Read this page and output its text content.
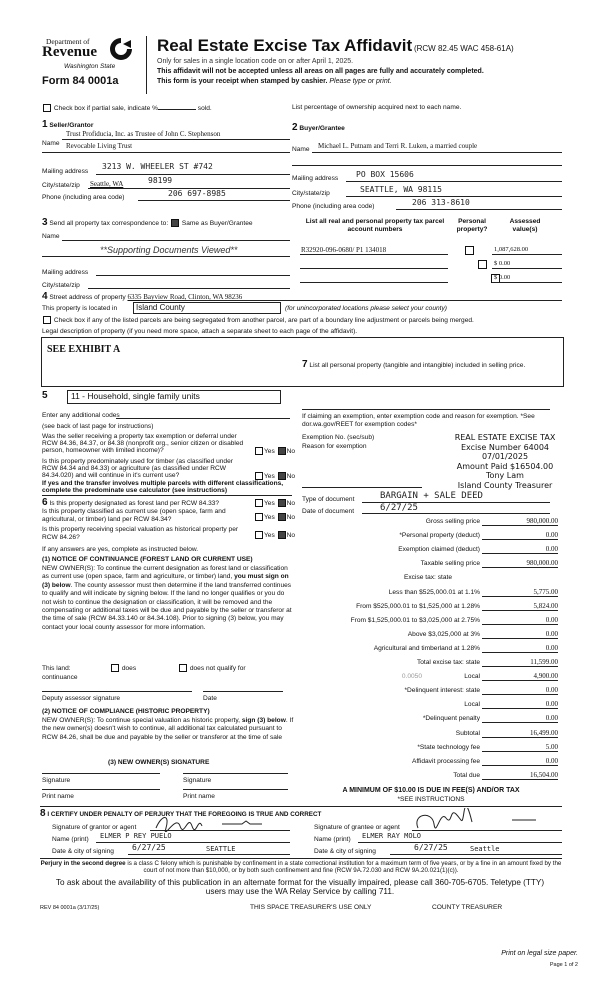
Department of
Revenue
Washington State
Form 84 0001a
Real Estate Excise Tax Affidavit (RCW 82.45 WAC 458-61A)
Only for sales in a single location code on or after April 1, 2025.
This affidavit will not be accepted unless all areas on all pages are fully and accurately completed.
This form is your receipt when stamped by cashier. Please type or print.
Check box if partial sale, indicate %	sold.	List percentage of ownership acquired next to each name.
1 Seller/Grantor
Name
Trust Profiducia, Inc. as Trustee of John C. Stephenson
Revocable Living Trust
Mailing address
3213 W. WHEELER ST #742
City/state/zip Seattle, WA	98199
Phone (including area code)	206 697-8985
2 Buyer/Grantee
Name Michael L. Putnam and Terri R. Luken, a married couple
Mailing address PO BOX 15606
City/state/zip	SEATTLE, WA 98115
Phone (including area code)	206 313-8610
3 Send all property tax correspondence to: Same as Buyer/Grantee
Name
**Supporting Documents Viewed**
Mailing address
City/state/zip
List all real and personal property tax parcel account numbers
Personal property?
Assessed value(s)
R32920-096-0680/ P1 134018
	1,087,628.00

$ 0.00
$ 0.00
4 Street address of property 6335 Bayview Road, Clinton, WA 98236
This property is located in	Island County	(for unincorporated locations please select your county)
Check box if any of the listed parcels are being segregated from another parcel, are part of a boundary line adjustment or parcels being merged.
Legal description of property (if you need more space, attach a separate sheet to each page of the affidavit).
SEE EXHIBIT A
5	11 - Household, single family units
Enter any additional codes
(see back of last page for instructions)
Was the seller receiving a property tax exemption or deferral under RCW 84.36, 84.37, or 84.38 (nonprofit org., senior citizen or disabled person, homeowner with limited income)?	Yes No
Is this property predominately used for timber (as classified under RCW 84.34 and 84.33) or agriculture (as classified under RCW 84.34.020) and will continue in it's current use?
If yes and the transfer involves multiple parcels with different classifications, complete the predominate use calculator (see instructions)
Yes No
6 Is this property designated as forest land per RCW 84.33?	Yes No
Is this property classified as current use (open space, farm and agricultural, or timber) land per RCW 84.34?	Yes No
Is this property receiving special valuation as historical property per RCW 84.26?	Yes No
If any answers are yes, complete as instructed below.
(1) NOTICE OF CONTINUANCE (FOREST LAND OR CURRENT USE)
NEW OWNER(S): To continue the current designation as forest land or classification as current use (open space, farm and agriculture, or timber) land, you must sign on (3) below. The county assessor must then determine if the land transferred continues to qualify and will indicate by signing below. If the land no longer qualifies or you do not wish to continue the designation or classification, it will be removed and the compensating or additional taxes will be due and payable by the seller or transferor at the time of sale (RCW 84.33.140 or 84.34.108). Prior to signing (3) below, you may contact your local county assessor for more information.
This land:	does	does not qualify for
continuance
Deputy assessor signature	Date
(2) NOTICE OF COMPLIANCE (HISTORIC PROPERTY)
NEW OWNER(S): To continue special valuation as historic property, sign (3) below. If the new owner(s) doesn't wish to continue, all additional tax calculated pursuant to RCW 84.26, shall be due and payable by the seller or transferor at the time of sale
(3) NEW OWNER(S) SIGNATURE
Signature	Signature
Print name	Print name
7 List all personal property (tangible and intangible) included in selling price.
If claiming an exemption, enter exemption code and reason for exemption. *See dor.wa.gov/REET for exemption codes*
Exemption No. (sec/sub)
Reason for exemption
REAL ESTATE EXCISE TAX
Excise Number 64004
07/01/2025
Amount Paid $16504.00
Tony Lam
Island County Treasurer
Type of document	BARGAIN + SALE DEED
Date of document	6/27/25
Gross selling price	980,000.00
*Personal property (deduct)	0.00
Exemption claimed (deduct)	0.00
Taxable selling price	980,000.00
Excise tax: state
Less than $525,000.01 at 1.1%	5,775.00
From $525,000.01 to $1,525,000 at 1.28%	5,824.00
From $1,525,000.01 to $3,025,000 at 2.75%	0.00
Above $3,025,000 at 3%	0.00
Agricultural and timberland at 1.28%	0.00
Total excise tax: state	11,599.00
0.0050	Local	4,900.00
*Delinquent interest: state	0.00
Local	0.00
*Delinquent penalty	0.00
Subtotal	16,499.00
*State technology fee	5.00
Affidavit processing fee	0.00
Total due	16,504.00
A MINIMUM OF $10.00 IS DUE IN FEE(S) AND/OR TAX
*SEE INSTRUCTIONS
8 I CERTIFY UNDER PENALTY OF PERJURY THAT THE FOREGOING IS TRUE AND CORRECT
Signature of grantor or agent
Name (print) ELMER P REY PUELO
Date & city of signing 6/27/25	SEATTLE
Signature of grantee or agent
Name (print) ELMER RAY MOLO
Date & city of signing	6/27/25	Seattle
Perjury in the second degree is a class C felony which is punishable by confinement in a state correctional institution for a maximum term of five years, or by a fine in an amount fixed by the court of not more than $10,000, or by both such confinement and fine (RCW 9A.72.030 and RCW 9A.20.021(1)(c)).
To ask about the availability of this publication in an alternate format for the visually impaired, please call 360-705-6705. Teletype (TTY) users may use the WA Relay Service by calling 711.
REV 84 0001a (3/17/25)	THIS SPACE TREASURER'S USE ONLY	COUNTY TREASURER
Print on legal size paper.
Page 1 of 2
